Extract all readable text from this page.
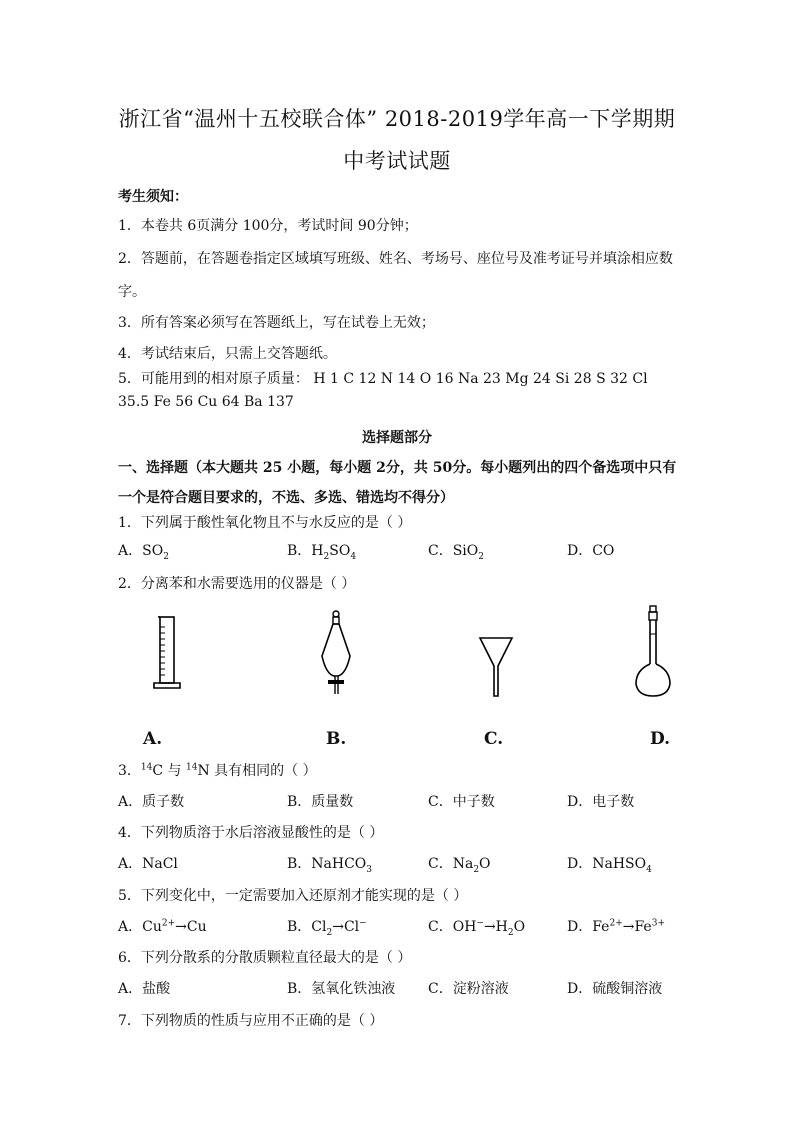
浙江省“温州十五校联合体” 2018-2019学年高一下学期期
中考试试题
考生须知：
1．本卷共 6页满分 100分，考试时间 90分钟；
2．答题前，在答题卷指定区域填写班级、姓名、考场号、座位号及准考证号并填涂相应数
字。
3．所有答案必须写在答题纸上，写在试卷上无效；
4．考试结束后，只需上交答题纸。
5．可能用到的相对原子质量： H 1 C 12 N 14 O 16 Na 23 Mg 24 Si 28 S 32 Cl
35.5 Fe 56 Cu 64 Ba 137
选择题部分
一、选择题（本大题共 25 小题，每小题 2分，共 50分。每小题列出的四个备选项中只有
一个是符合题目要求的，不选、多选、错选均不得分）
1．下列属于酸性氧化物且不与水反应的是（ ）
A．$SO_2$	B．$H_2SO_4$	C．SiO$_2$	D．CO
2．分离苯和水需要选用的仪器是（ ）
A.	B.	C.	D.
3．$^{14}$C 与 $^{14}$N 具有相同的（ ）
A．质子数	B．质量数	C．中子数	D．电子数
4．下列物质溶于水后溶液显酸性的是（ ）
A．NaCl	B．NaHCO$_3$	C．$Na_2O$	D．NaHSO$_4$
5．下列变化中，一定需要加入还原剂才能实现的是（ ）
A．$Cu^{2+}\to Cu$	B．$Cl_2\to Cl^-$	C．$OH^-\to H_2O$	D．$Fe^{2+}\to Fe^{3+}$
6．下列分散系的分散质颗粒直径最大的是（ ）
A．盐酸	B．氢氧化铁浊液 C．淀粉溶液	D．硫酸铜溶液
7．下列物质的性质与应用不正确的是（ ）
